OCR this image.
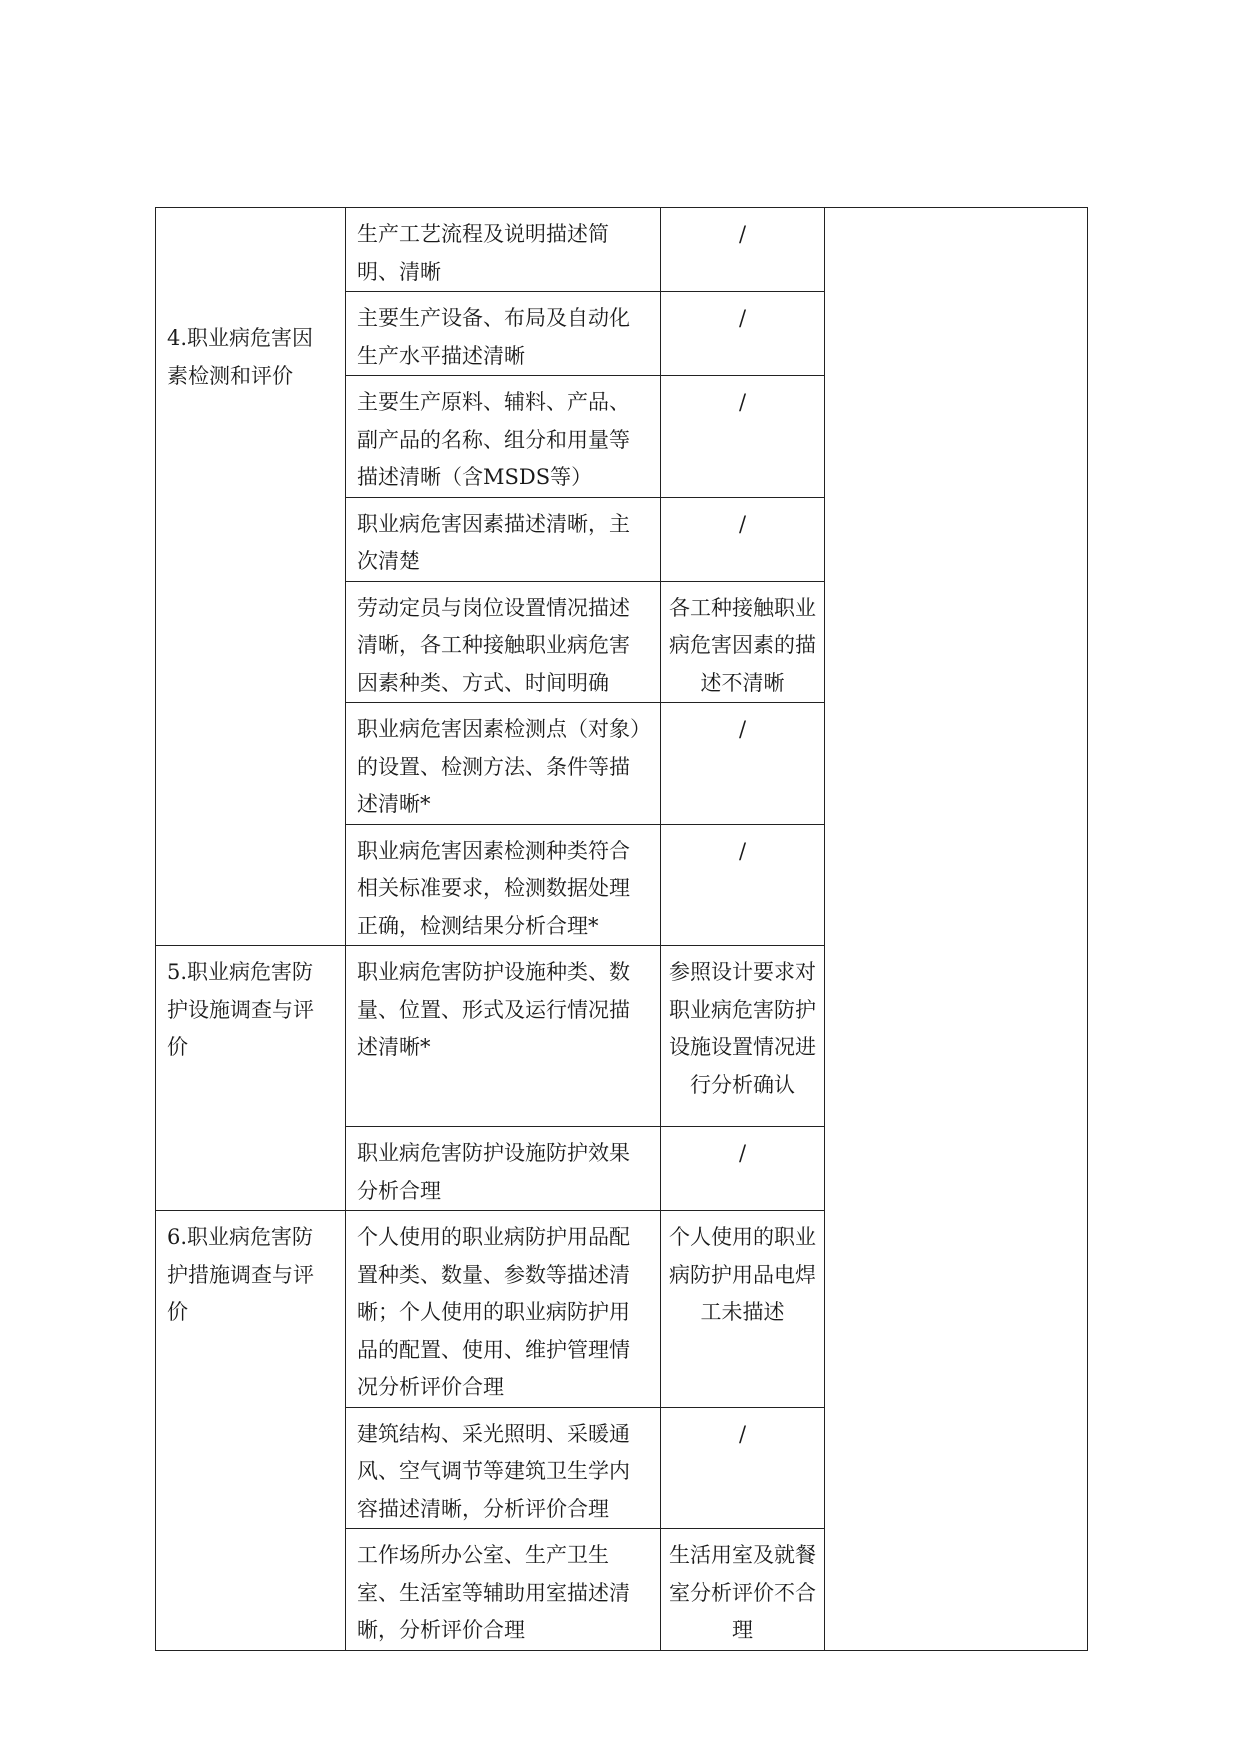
4.职业病危害因素检测和评价	生产工艺流程及说明描述简明、清晰	/	
	主要生产设备、布局及自动化生产水平描述清晰	/	
	主要生产原料、辅料、产品、副产品的名称、组分和用量等描述清晰（含MSDS等）	/	
	职业病危害因素描述清晰，主次清楚	/	
	劳动定员与岗位设置情况描述清晰，各工种接触职业病危害因素种类、方式、时间明确	各工种接触职业病危害因素的描述不清晰	
	职业病危害因素检测点（对象）的设置、检测方法、条件等描述清晰*	/	
	职业病危害因素检测种类符合相关标准要求，检测数据处理正确，检测结果分析合理*	/	
5.职业病危害防护设施调查与评价	职业病危害防护设施种类、数量、位置、形式及运行情况描述清晰*	参照设计要求对职业病危害防护设施设置情况进行分析确认	
	职业病危害防护设施防护效果分析合理	/	
6.职业病危害防护措施调查与评价	个人使用的职业病防护用品配置种类、数量、参数等描述清晰；个人使用的职业病防护用品的配置、使用、维护管理情况分析评价合理	个人使用的职业病防护用品电焊工未描述	
	建筑结构、采光照明、采暖通风、空气调节等建筑卫生学内容描述清晰，分析评价合理	/	
	工作场所办公室、生产卫生室、生活室等辅助用室描述清晰，分析评价合理	生活用室及就餐室分析评价不合理	
